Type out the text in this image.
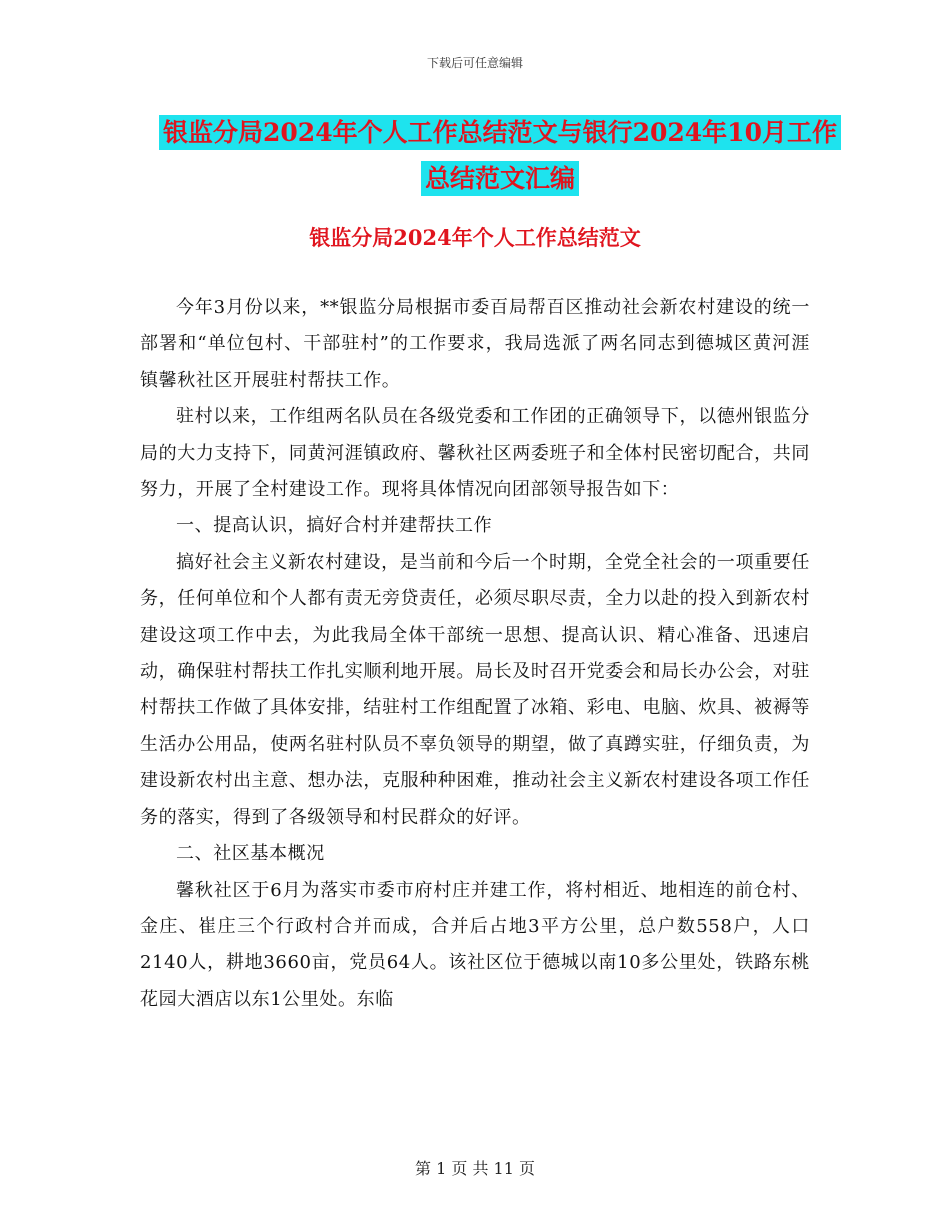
下载后可任意编辑
银监分局2024年个人工作总结范文与银行2024年10月工作总结范文汇编
银监分局2024年个人工作总结范文

今年3月份以来，**银监分局根据市委百局帮百区推动社会新农村建设的统一部署和“单位包村、干部驻村”的工作要求，我局选派了两名同志到德城区黄河涯镇馨秋社区开展驻村帮扶工作。

驻村以来，工作组两名队员在各级党委和工作团的正确领导下，以德州银监分局的大力支持下，同黄河涯镇政府、馨秋社区两委班子和全体村民密切配合，共同努力，开展了全村建设工作。现将具体情况向团部领导报告如下：

一、提高认识，搞好合村并建帮扶工作

搞好社会主义新农村建设，是当前和今后一个时期，全党全社会的一项重要任务，任何单位和个人都有责无旁贷责任，必须尽职尽责，全力以赴的投入到新农村建设这项工作中去，为此我局全体干部统一思想、提高认识、精心准备、迅速启动，确保驻村帮扶工作扎实顺利地开展。局长及时召开党委会和局长办公会，对驻村帮扶工作做了具体安排，结驻村工作组配置了冰箱、彩电、电脑、炊具、被褥等生活办公用品，使两名驻村队员不辜负领导的期望，做了真蹲实驻，仔细负责，为建设新农村出主意、想办法，克服种种困难，推动社会主义新农村建设各项工作任务的落实，得到了各级领导和村民群众的好评。

二、社区基本概况

馨秋社区于6月为落实市委市府村庄并建工作，将村相近、地相连的前仓村、金庄、崔庄三个行政村合并而成，合并后占地3平方公里，总户数558户，人口2140人，耕地3660亩，党员64人。该社区位于德城以南10多公里处，铁路东桃花园大酒店以东1公里处。东临

第 1 页 共 11 页
